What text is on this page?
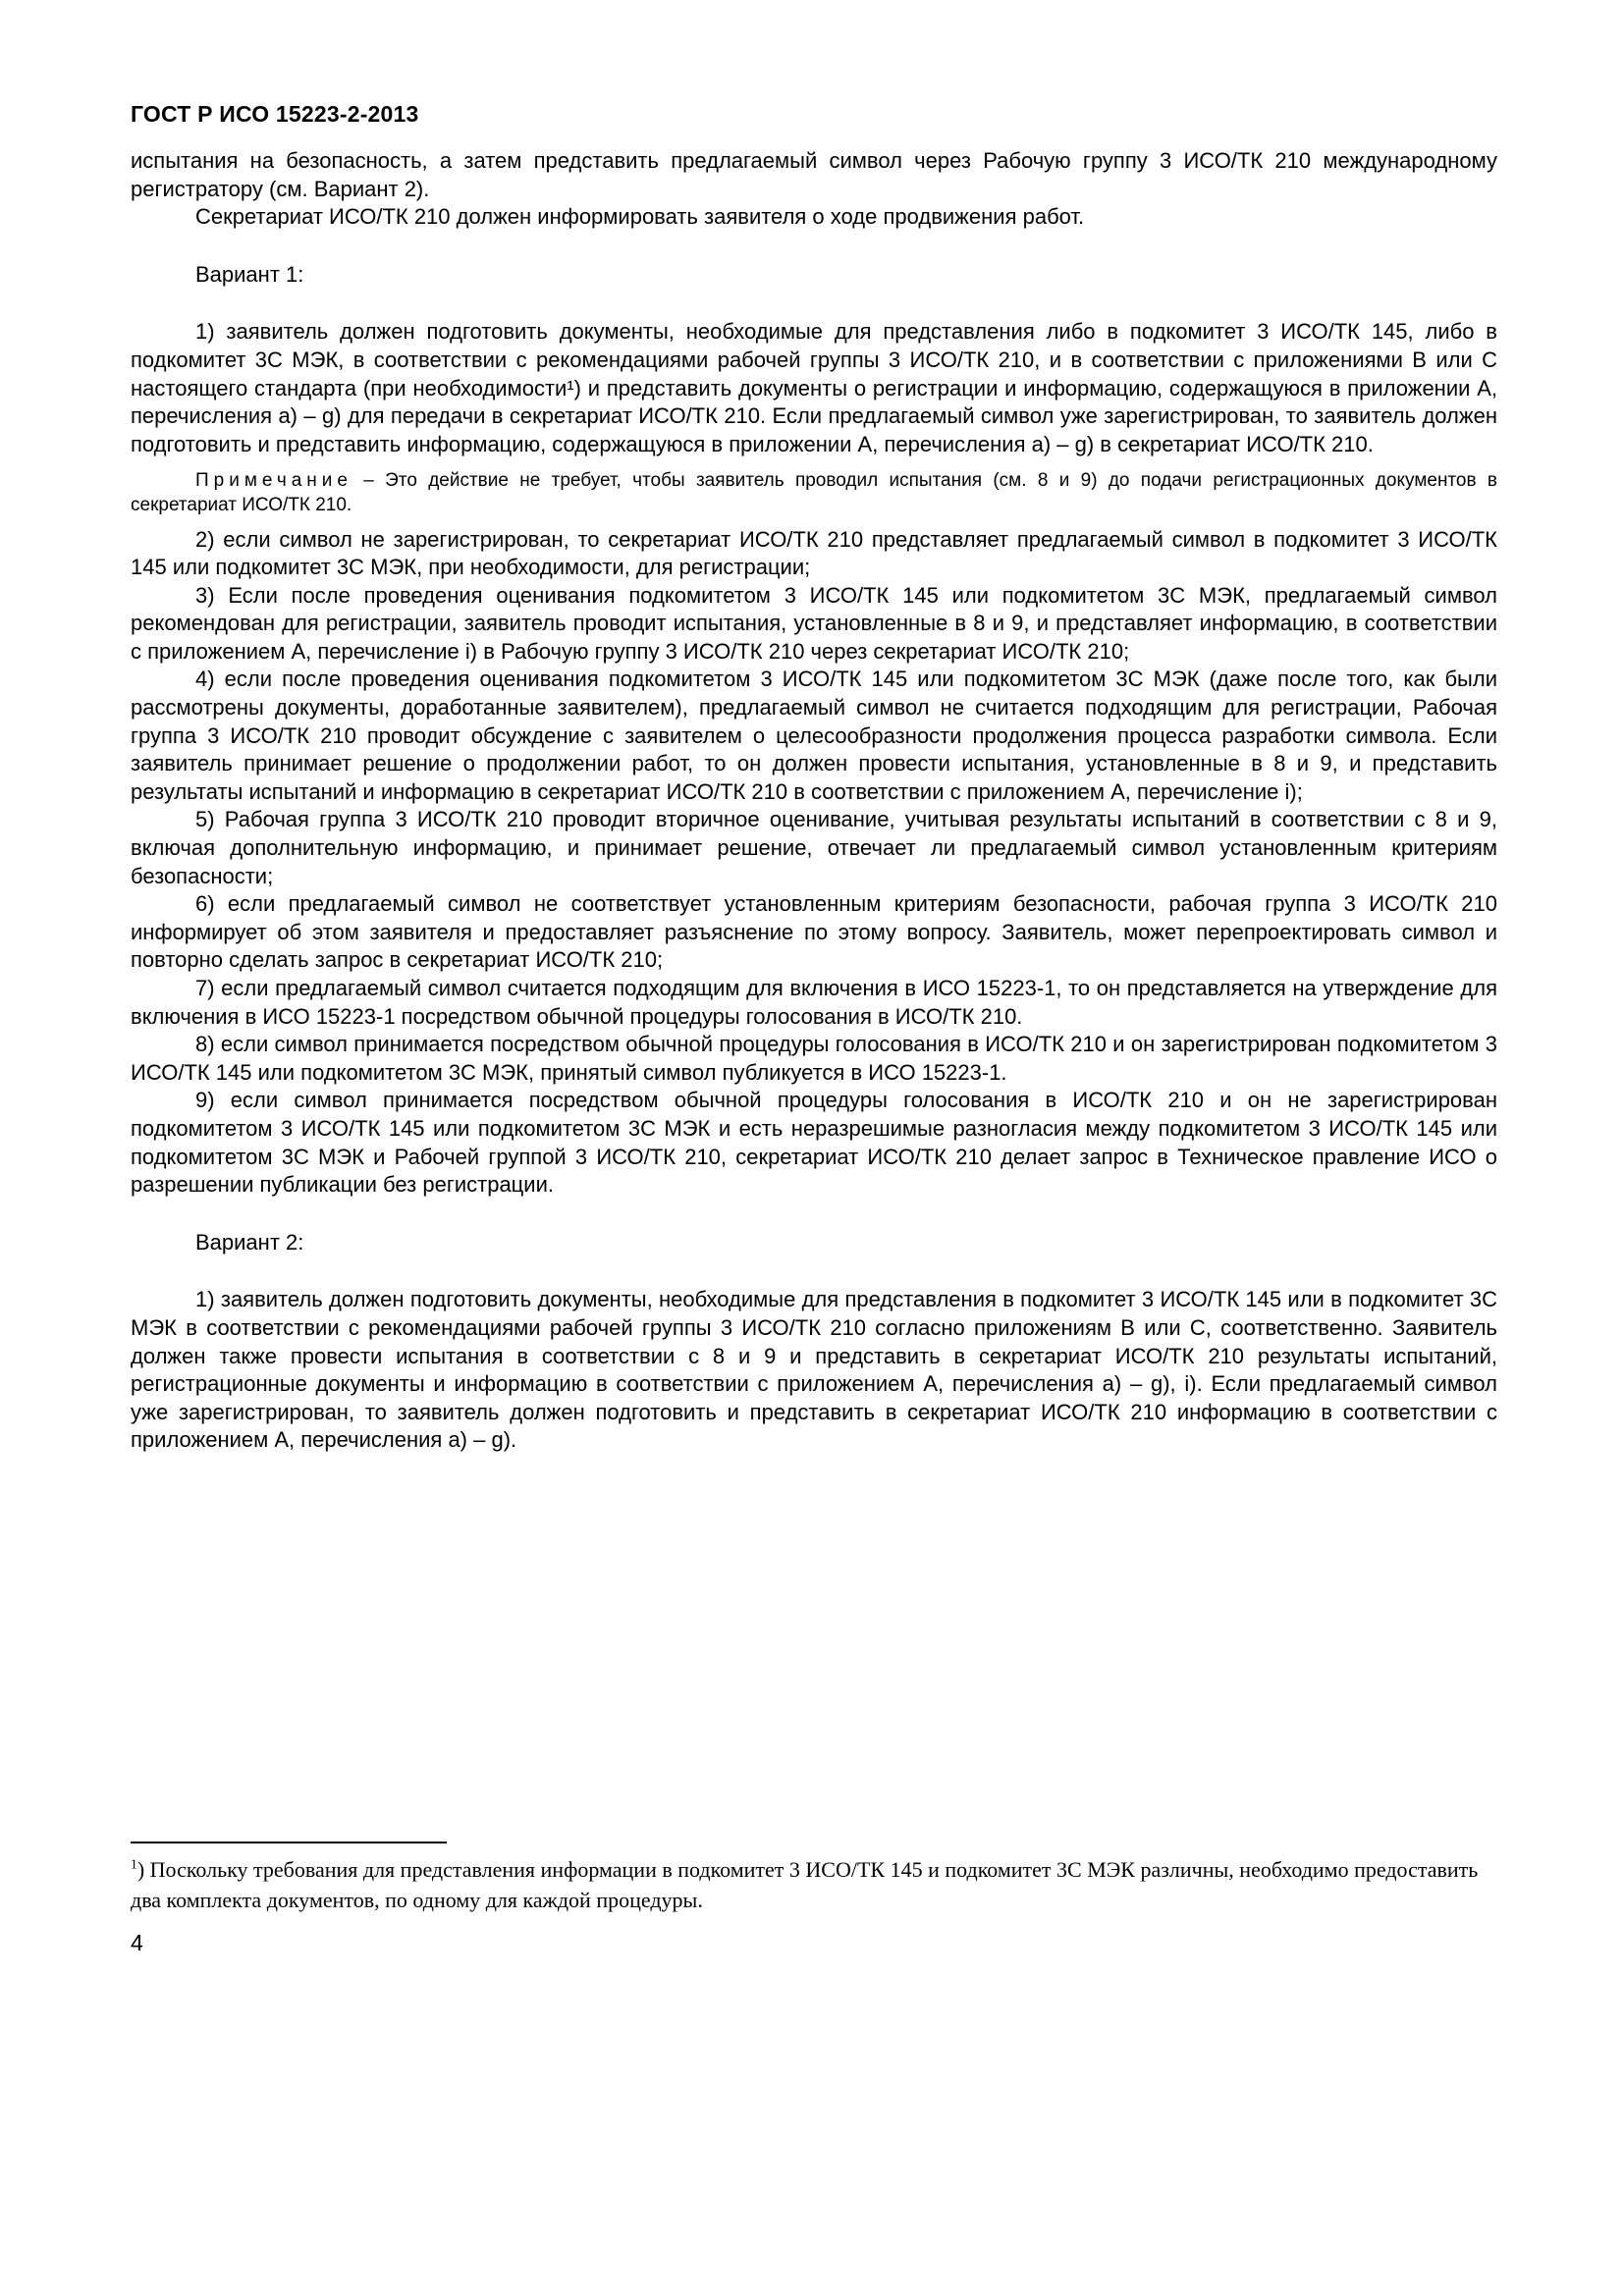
ГОСТ Р ИСО 15223-2-2013

испытания на безопасность, а затем представить предлагаемый символ через Рабочую группу 3 ИСО/ТК 210 международному регистратору (см. Вариант 2).

Секретариат ИСО/ТК 210 должен информировать заявителя о ходе продвижения работ.

Вариант 1:

1) заявитель должен подготовить документы, необходимые для представления либо в подкомитет 3 ИСО/ТК 145, либо в подкомитет 3С МЭК, в соответствии с рекомендациями рабочей группы 3 ИСО/ТК 210, и в соответствии с приложениями B или C настоящего стандарта (при необходимости¹) и представить документы о регистрации и информацию, содержащуюся в приложении A, перечисления a) – g) для передачи в секретариат ИСО/ТК 210. Если предлагаемый символ уже зарегистрирован, то заявитель должен подготовить и представить информацию, содержащуюся в приложении A, перечисления a) – g) в секретариат ИСО/ТК 210.

Примечание – Это действие не требует, чтобы заявитель проводил испытания (см. 8 и 9) до подачи регистрационных документов в секретариат ИСО/ТК 210.

2) если символ не зарегистрирован, то секретариат ИСО/ТК 210 представляет предлагаемый символ в подкомитет 3 ИСО/ТК 145 или подкомитет 3С МЭК, при необходимости, для регистрации;

3) Если после проведения оценивания подкомитетом 3 ИСО/ТК 145 или подкомитетом 3С МЭК, предлагаемый символ рекомендован для регистрации, заявитель проводит испытания, установленные в 8 и 9, и представляет информацию, в соответствии с приложением A, перечисление i) в Рабочую группу 3 ИСО/ТК 210 через секретариат ИСО/ТК 210;

4) если после проведения оценивания подкомитетом 3 ИСО/ТК 145 или подкомитетом 3С МЭК (даже после того, как были рассмотрены документы, доработанные заявителем), предлагаемый символ не считается подходящим для регистрации, Рабочая группа 3 ИСО/ТК 210 проводит обсуждение с заявителем о целесообразности продолжения процесса разработки символа. Если заявитель принимает решение о продолжении работ, то он должен провести испытания, установленные в 8 и 9, и представить результаты испытаний и информацию в секретариат ИСО/ТК 210 в соответствии с приложением A, перечисление i);

5) Рабочая группа 3 ИСО/ТК 210 проводит вторичное оценивание, учитывая результаты испытаний в соответствии с 8 и 9, включая дополнительную информацию, и принимает решение, отвечает ли предлагаемый символ установленным критериям безопасности;

6) если предлагаемый символ не соответствует установленным критериям безопасности, рабочая группа 3 ИСО/ТК 210 информирует об этом заявителя и предоставляет разъяснение по этому вопросу. Заявитель, может перепроектировать символ и повторно сделать запрос в секретариат ИСО/ТК 210;

7) если предлагаемый символ считается подходящим для включения в ИСО 15223-1, то он представляется на утверждение для включения в ИСО 15223-1 посредством обычной процедуры голосования в ИСО/ТК 210.

8) если символ принимается посредством обычной процедуры голосования в ИСО/ТК 210 и он зарегистрирован подкомитетом 3 ИСО/ТК 145 или подкомитетом 3С МЭК, принятый символ публикуется в ИСО 15223-1.

9) если символ принимается посредством обычной процедуры голосования в ИСО/ТК 210 и он не зарегистрирован подкомитетом 3 ИСО/ТК 145 или подкомитетом 3С МЭК и есть неразрешимые разногласия между подкомитетом 3 ИСО/ТК 145 или подкомитетом 3С МЭК и Рабочей группой 3 ИСО/ТК 210, секретариат ИСО/ТК 210 делает запрос в Техническое правление ИСО о разрешении публикации без регистрации.

Вариант 2:

1) заявитель должен подготовить документы, необходимые для представления в подкомитет 3 ИСО/ТК 145 или в подкомитет 3С МЭК в соответствии с рекомендациями рабочей группы 3 ИСО/ТК 210 согласно приложениям B или C, соответственно. Заявитель должен также провести испытания в соответствии с 8 и 9 и представить в секретариат ИСО/ТК 210 результаты испытаний, регистрационные документы и информацию в соответствии с приложением A, перечисления a) – g), i). Если предлагаемый символ уже зарегистрирован, то заявитель должен подготовить и представить в секретариат ИСО/ТК 210 информацию в соответствии с приложением A, перечисления a) – g).

$^1$) Поскольку требования для представления информации в подкомитет 3 ИСО/ТК 145 и подкомитет 3С МЭК различны, необходимо предоставить два комплекта документов, по одному для каждой процедуры.
4
